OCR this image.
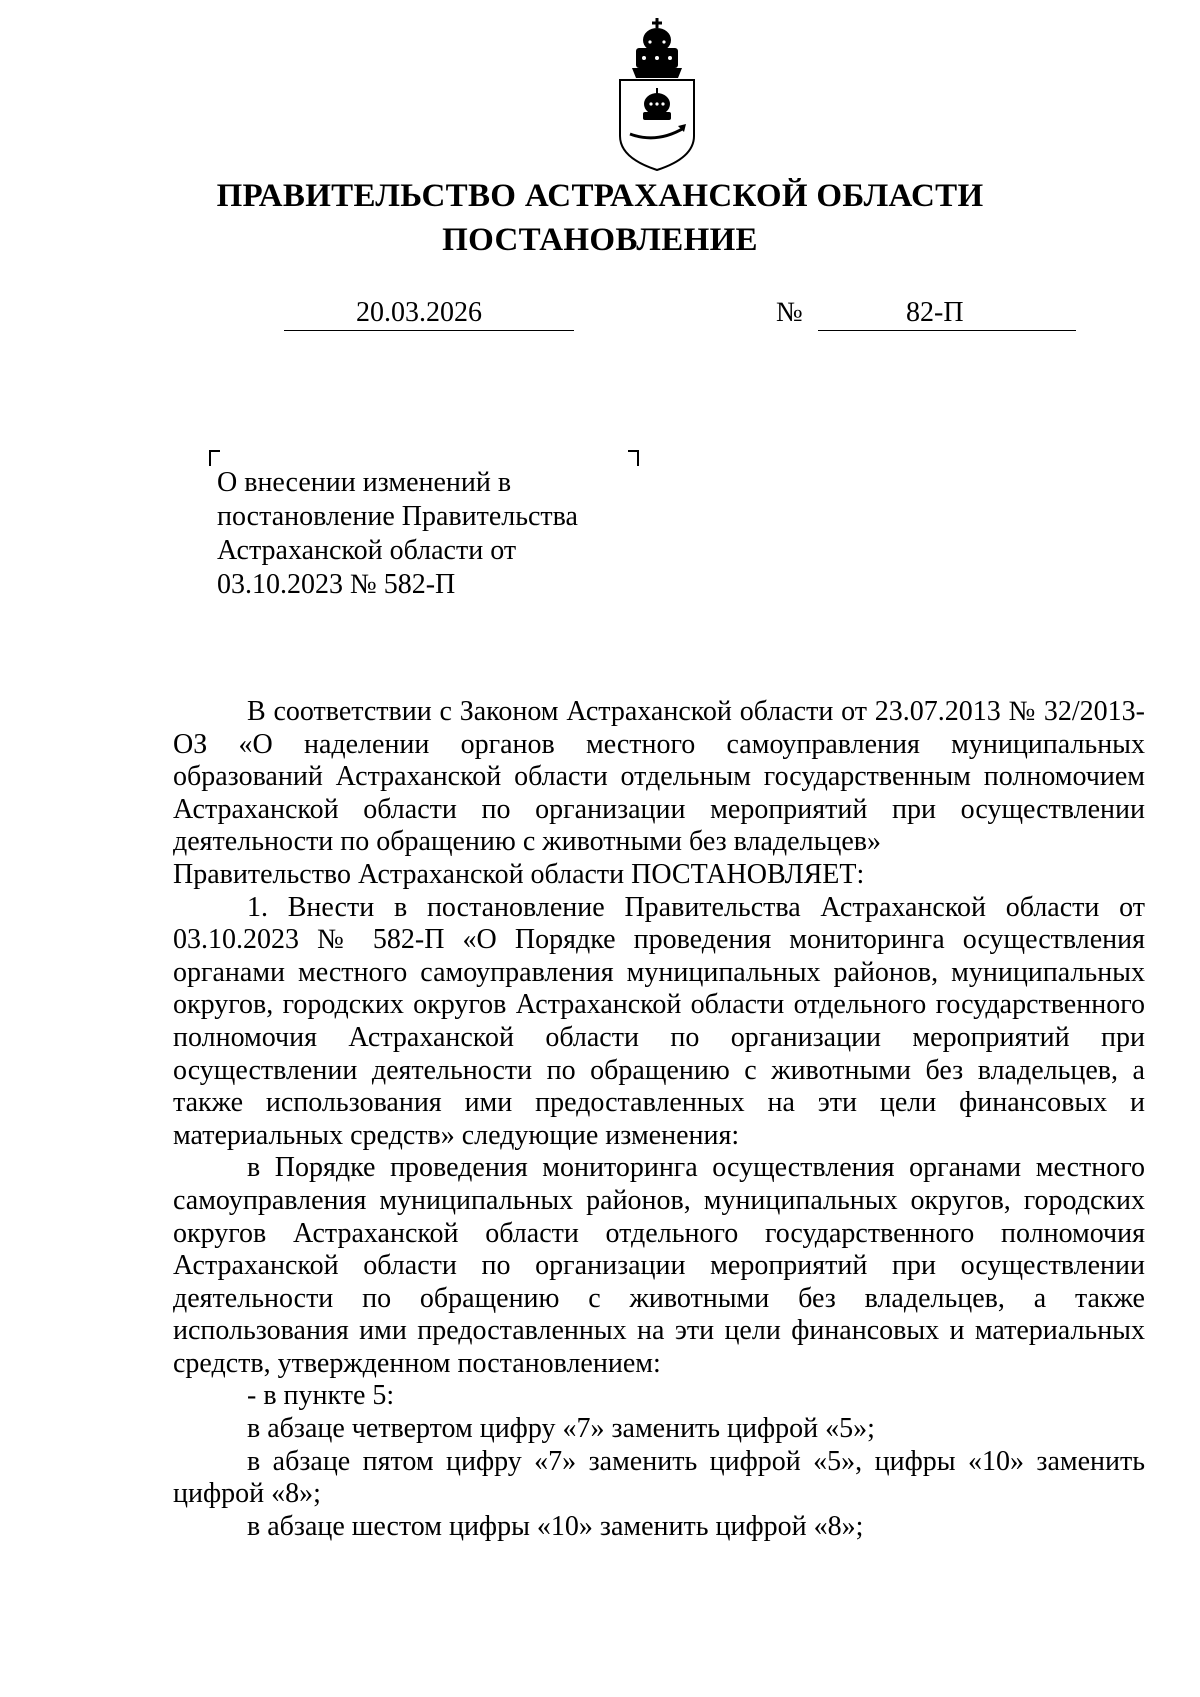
ПРАВИТЕЛЬСТВО АСТРАХАНСКОЙ ОБЛАСТИ
ПОСТАНОВЛЕНИЕ
20.03.2026	№	82-П
О внесении изменений в постановление Правительства Астраханской области от 03.10.2023 № 582-П

В соответствии с Законом Астраханской области от 23.07.2013 № 32/2013-ОЗ «О наделении органов местного самоуправления муниципальных образований Астраханской области отдельным государственным полномочием Астраханской области по организации мероприятий при осуществлении деятельности по обращению с животными без владельцев»

Правительство Астраханской области ПОСТАНОВЛЯЕТ:

1. Внести в постановление Правительства Астраханской области от 03.10.2023 № 582-П «О Порядке проведения мониторинга осуществления органами местного самоуправления муниципальных районов, муниципальных округов, городских округов Астраханской области отдельного государственного полномочия Астраханской области по организации мероприятий при осуществлении деятельности по обращению с животными без владельцев, а также использования ими предоставленных на эти цели финансовых и материальных средств» следующие изменения:

в Порядке проведения мониторинга осуществления органами местного самоуправления муниципальных районов, муниципальных округов, городских округов Астраханской области отдельного государственного полномочия Астраханской области по организации мероприятий при осуществлении деятельности по обращению с животными без владельцев, а также использования ими предоставленных на эти цели финансовых и материальных средств, утвержденном постановлением:

- в пункте 5:

в абзаце четвертом цифру «7» заменить цифрой «5»;

в абзаце пятом цифру «7» заменить цифрой «5», цифры «10» заменить цифрой «8»;

в абзаце шестом цифры «10» заменить цифрой «8»;
